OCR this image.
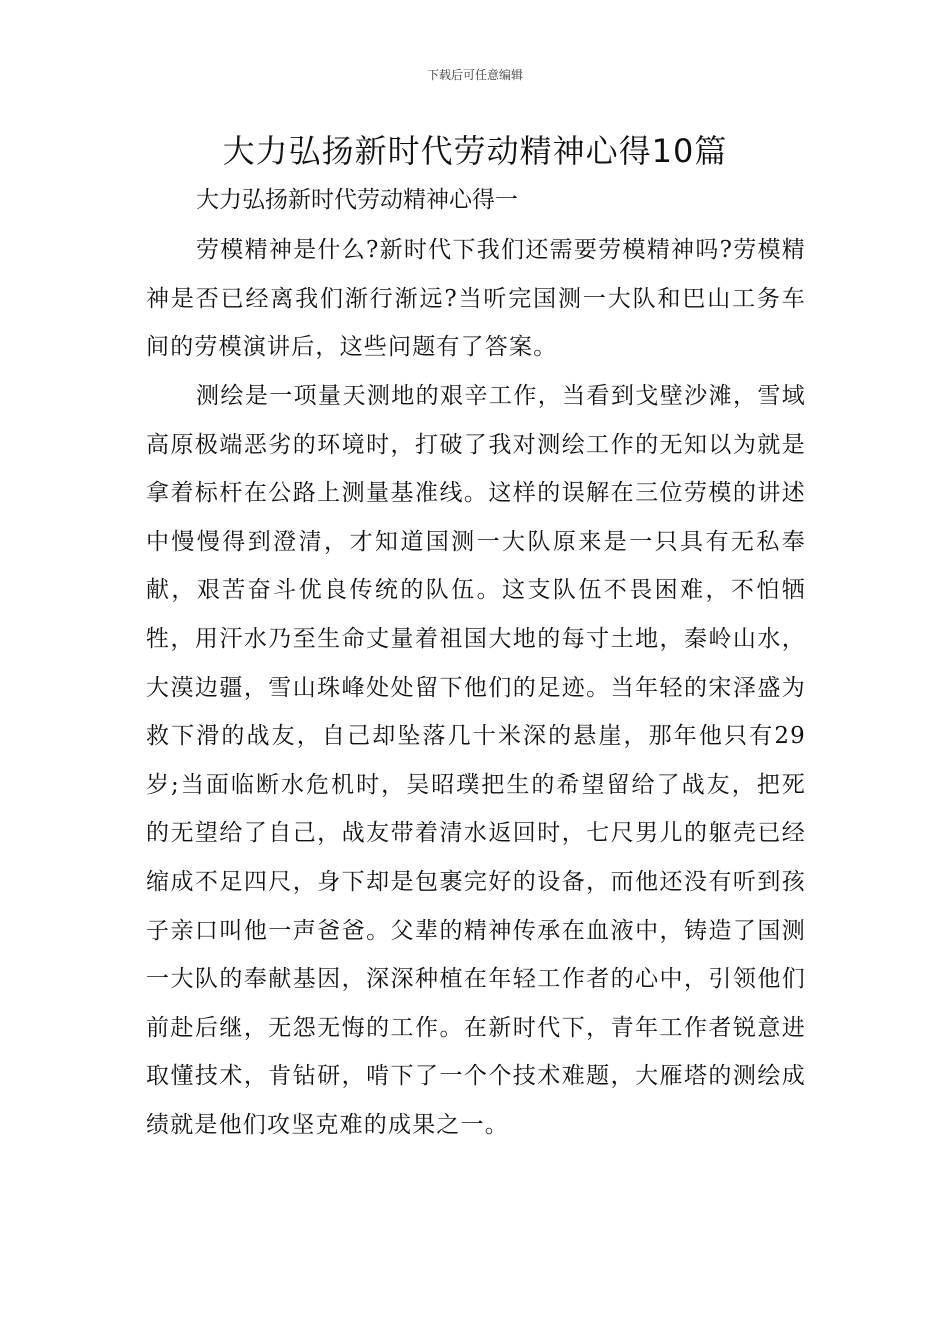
下载后可任意编辑
大力弘扬新时代劳动精神心得10篇

大力弘扬新时代劳动精神心得一

劳模精神是什么?新时代下我们还需要劳模精神吗?劳模精神是否已经离我们渐行渐远?当听完国测一大队和巴山工务车间的劳模演讲后，这些问题有了答案。

测绘是一项量天测地的艰辛工作，当看到戈壁沙滩，雪域高原极端恶劣的环境时，打破了我对测绘工作的无知以为就是拿着标杆在公路上测量基准线。这样的误解在三位劳模的讲述中慢慢得到澄清，才知道国测一大队原来是一只具有无私奉献，艰苦奋斗优良传统的队伍。这支队伍不畏困难，不怕牺牲，用汗水乃至生命丈量着祖国大地的每寸土地，秦岭山水，大漠边疆，雪山珠峰处处留下他们的足迹。当年轻的宋泽盛为救下滑的战友，自己却坠落几十米深的悬崖，那年他只有29岁;当面临断水危机时，吴昭璞把生的希望留给了战友，把死的无望给了自己，战友带着清水返回时，七尺男儿的躯壳已经缩成不足四尺，身下却是包裹完好的设备，而他还没有听到孩子亲口叫他一声爸爸。父辈的精神传承在血液中，铸造了国测一大队的奉献基因，深深种植在年轻工作者的心中，引领他们前赴后继，无怨无悔的工作。在新时代下，青年工作者锐意进取懂技术，肯钻研，啃下了一个个技术难题，大雁塔的测绘成绩就是他们攻坚克难的成果之一。
